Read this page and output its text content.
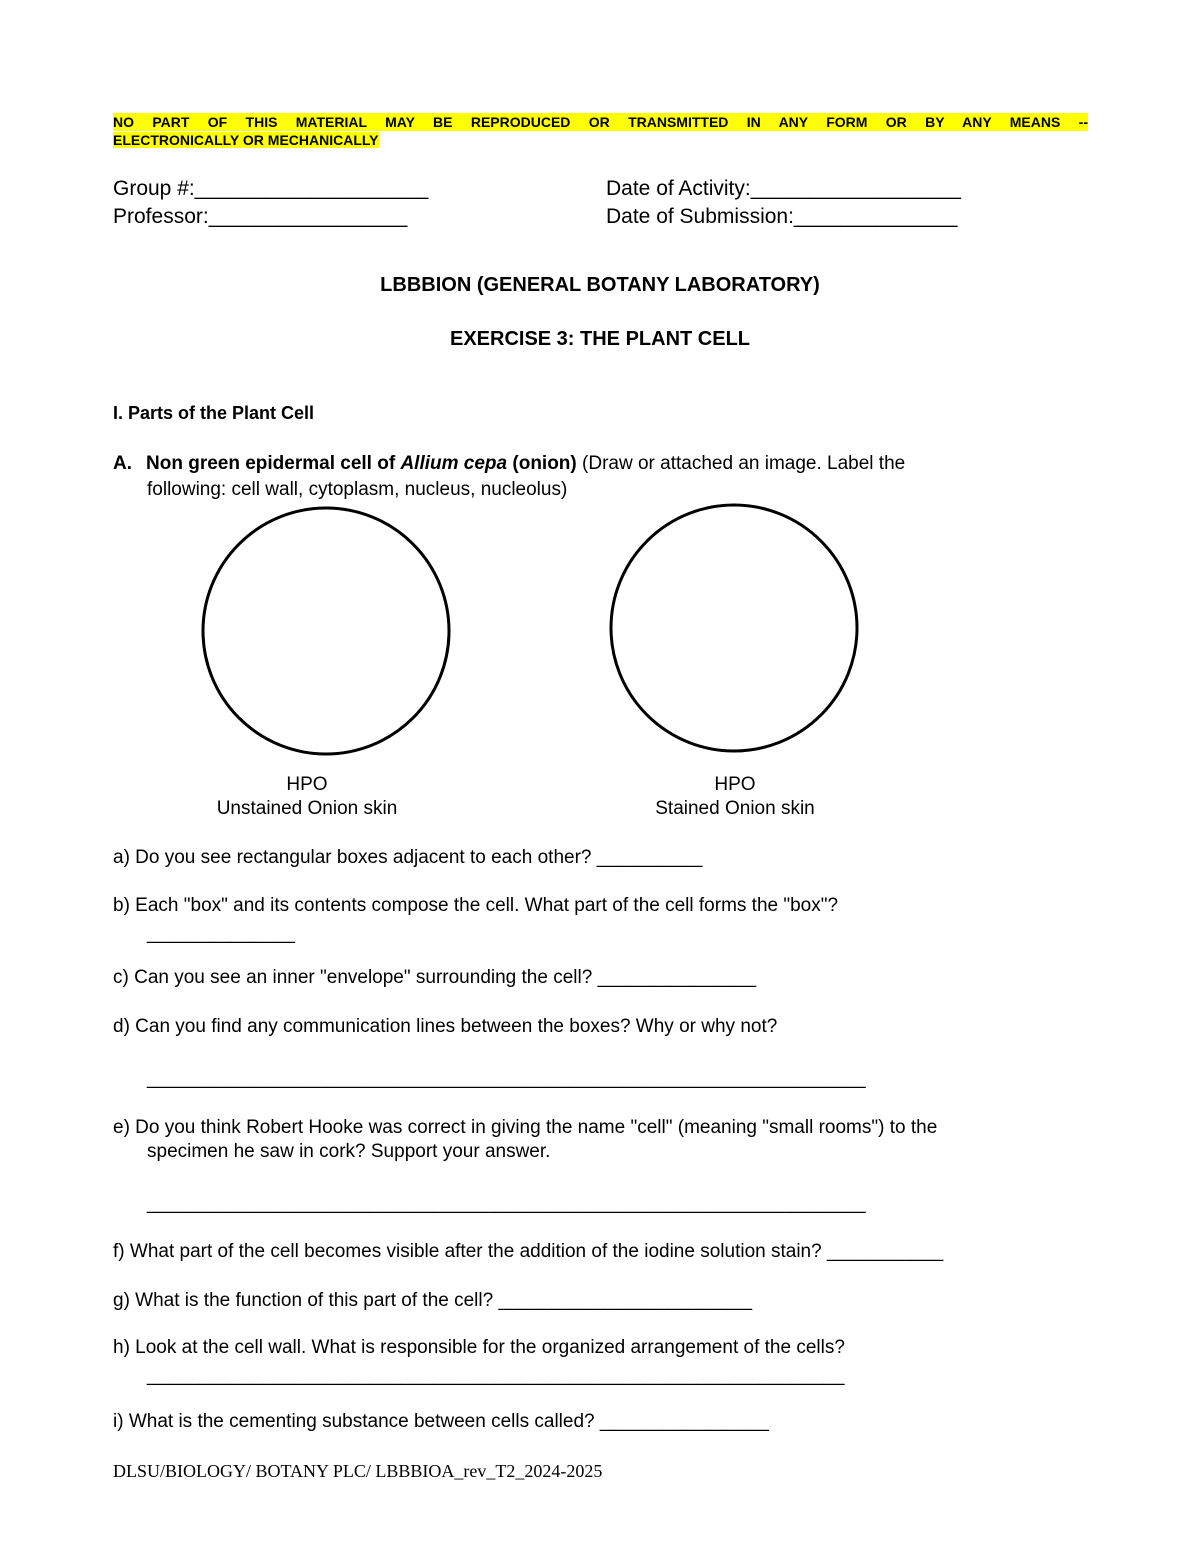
NO PART OF THIS MATERIAL MAY BE REPRODUCED OR TRANSMITTED IN ANY FORM OR BY ANY MEANS --
ELECTRONICALLY OR MECHANICALLY
Group #:____________________
Professor:_________________
Date of Activity:__________________
Date of Submission:______________
LBBBION (GENERAL BOTANY LABORATORY)
EXERCISE 3: THE PLANT CELL
I. Parts of the Plant Cell
A. Non green epidermal cell of Allium cepa (onion) (Draw or attached an image. Label the
following: cell wall, cytoplasm, nucleus, nucleolus)
HPO
Unstained Onion skin
HPO
Stained Onion skin
a) Do you see rectangular boxes adjacent to each other? __________
b) Each "box" and its contents compose the cell. What part of the cell forms the "box"?
______________
c) Can you see an inner "envelope" surrounding the cell? _______________
d) Can you find any communication lines between the boxes? Why or why not?
____________________________________________________________________
e) Do you think Robert Hooke was correct in giving the name "cell" (meaning "small rooms") to the
specimen he saw in cork? Support your answer.
____________________________________________________________________
f) What part of the cell becomes visible after the addition of the iodine solution stain? ___________
g) What is the function of this part of the cell? ________________________
h) Look at the cell wall. What is responsible for the organized arrangement of the cells?
__________________________________________________________________
i) What is the cementing substance between cells called? ________________
DLSU/BIOLOGY/ BOTANY PLC/ LBBBIOA_rev_T2_2024-2025
